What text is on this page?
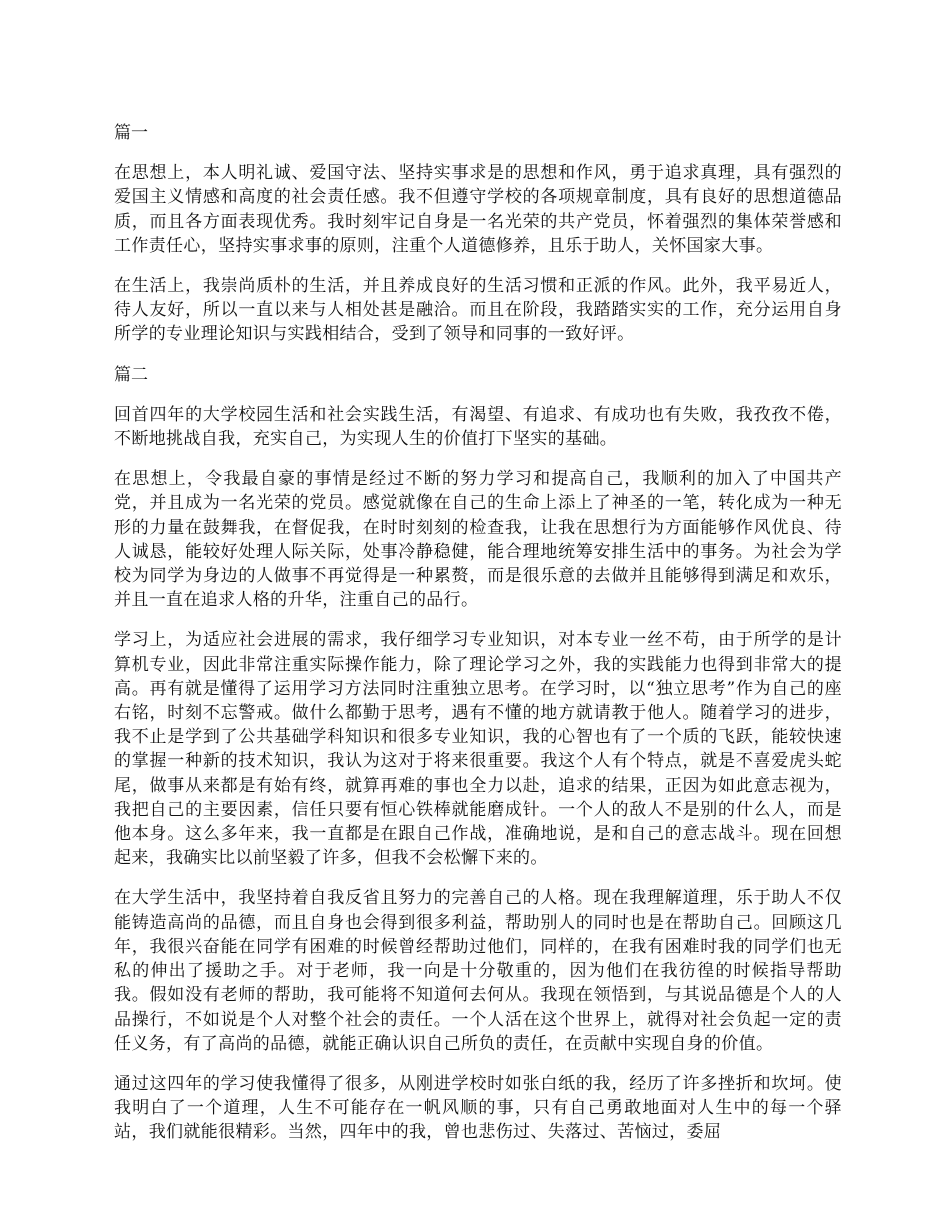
篇一

在思想上，本人明礼诚、爱国守法、坚持实事求是的思想和作风，勇于追求真理，具有强烈的爱国主义情感和高度的社会责任感。我不但遵守学校的各项规章制度，具有良好的思想道德品质，而且各方面表现优秀。我时刻牢记自身是一名光荣的共产党员，怀着强烈的集体荣誉感和工作责任心，坚持实事求事的原则，注重个人道德修养，且乐于助人，关怀国家大事。

在生活上，我崇尚质朴的生活，并且养成良好的生活习惯和正派的作风。此外，我平易近人，待人友好，所以一直以来与人相处甚是融洽。而且在阶段，我踏踏实实的工作，充分运用自身所学的专业理论知识与实践相结合，受到了领导和同事的一致好评。

篇二

回首四年的大学校园生活和社会实践生活，有渴望、有追求、有成功也有失败，我孜孜不倦，不断地挑战自我，充实自己，为实现人生的价值打下坚实的基础。

在思想上，令我最自豪的事情是经过不断的努力学习和提高自己，我顺利的加入了中国共产党，并且成为一名光荣的党员。感觉就像在自己的生命上添上了神圣的一笔，转化成为一种无形的力量在鼓舞我，在督促我，在时时刻刻的检查我，让我在思想行为方面能够作风优良、待人诚恳，能较好处理人际关际，处事冷静稳健，能合理地统筹安排生活中的事务。为社会为学校为同学为身边的人做事不再觉得是一种累赘，而是很乐意的去做并且能够得到满足和欢乐，并且一直在追求人格的升华，注重自己的品行。

学习上，为适应社会进展的需求，我仔细学习专业知识，对本专业一丝不苟，由于所学的是计算机专业，因此非常注重实际操作能力，除了理论学习之外，我的实践能力也得到非常大的提高。再有就是懂得了运用学习方法同时注重独立思考。在学习时，以“独立思考”作为自己的座右铭，时刻不忘警戒。做什么都勤于思考，遇有不懂的地方就请教于他人。随着学习的进步，我不止是学到了公共基础学科知识和很多专业知识，我的心智也有了一个质的飞跃，能较快速的掌握一种新的技术知识，我认为这对于将来很重要。我这个人有个特点，就是不喜爱虎头蛇尾，做事从来都是有始有终，就算再难的事也全力以赴，追求的结果，正因为如此意志视为，我把自己的主要因素，信任只要有恒心铁棒就能磨成针。一个人的敌人不是别的什么人，而是他本身。这么多年来，我一直都是在跟自己作战，准确地说，是和自己的意志战斗。现在回想起来，我确实比以前坚毅了许多，但我不会松懈下来的。

在大学生活中，我坚持着自我反省且努力的完善自己的人格。现在我理解道理，乐于助人不仅能铸造高尚的品德，而且自身也会得到很多利益，帮助别人的同时也是在帮助自己。回顾这几年，我很兴奋能在同学有困难的时候曾经帮助过他们，同样的，在我有困难时我的同学们也无私的伸出了援助之手。对于老师，我一向是十分敬重的，因为他们在我彷徨的时候指导帮助我。假如没有老师的帮助，我可能将不知道何去何从。我现在领悟到，与其说品德是个人的人品操行，不如说是个人对整个社会的责任。一个人活在这个世界上，就得对社会负起一定的责任义务，有了高尚的品德，就能正确认识自己所负的责任，在贡献中实现自身的价值。

通过这四年的学习使我懂得了很多，从刚进学校时如张白纸的我，经历了许多挫折和坎坷。使我明白了一个道理，人生不可能存在一帆风顺的事，只有自己勇敢地面对人生中的每一个驿站，我们就能很精彩。当然，四年中的我，曾也悲伤过、失落过、苦恼过，委屈
